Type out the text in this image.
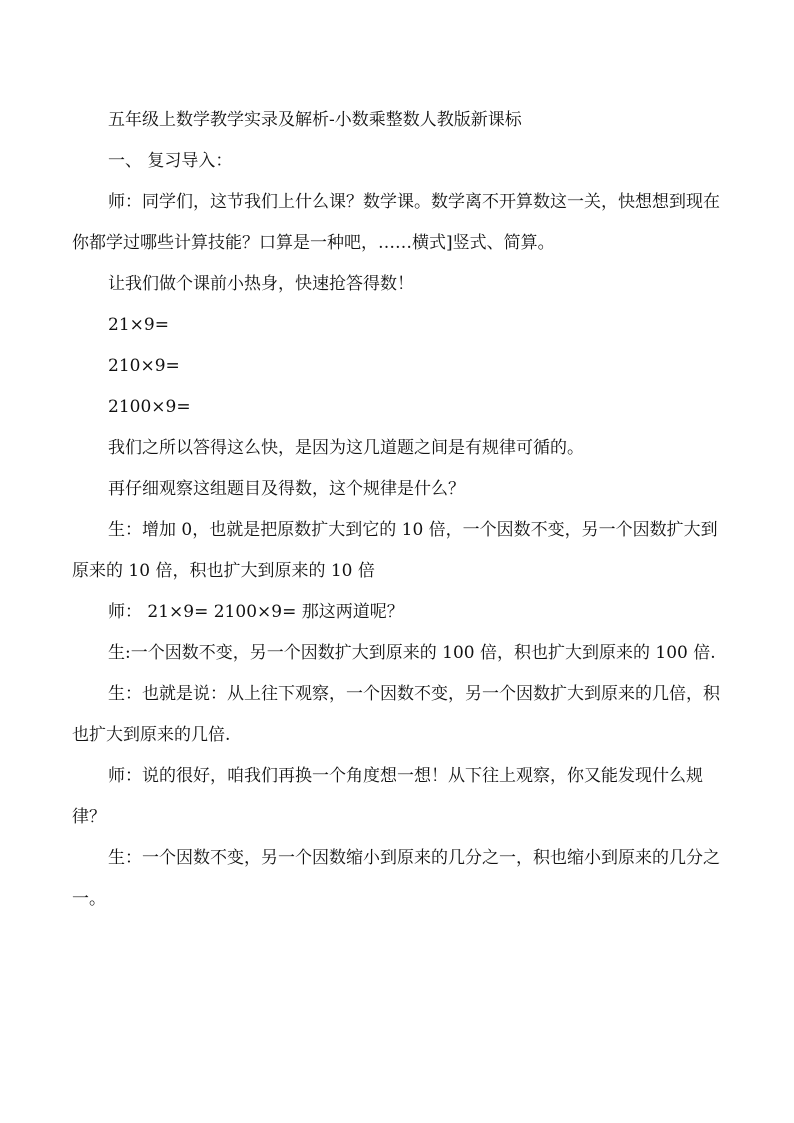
五年级上数学教学实录及解析-小数乘整数人教版新课标

一、 复习导入：

师：同学们，这节我们上什么课？数学课。数学离不开算数这一关，快想想到现在你都学过哪些计算技能？口算是一种吧，……横式]竖式、简算。

让我们做个课前小热身，快速抢答得数！

21×9=

210×9=

2100×9=

我们之所以答得这么快，是因为这几道题之间是有规律可循的。

再仔细观察这组题目及得数，这个规律是什么？

生：增加 0，也就是把原数扩大到它的 10 倍，一个因数不变，另一个因数扩大到原来的 10 倍，积也扩大到原来的 10 倍

师： 21×9= 2100×9= 那这两道呢？

生:一个因数不变，另一个因数扩大到原来的 100 倍，积也扩大到原来的 100 倍.

生：也就是说：从上往下观察，一个因数不变，另一个因数扩大到原来的几倍，积也扩大到原来的几倍.

师：说的很好，咱我们再换一个角度想一想！从下往上观察，你又能发现什么规律？

生：一个因数不变，另一个因数缩小到原来的几分之一，积也缩小到原来的几分之一。
